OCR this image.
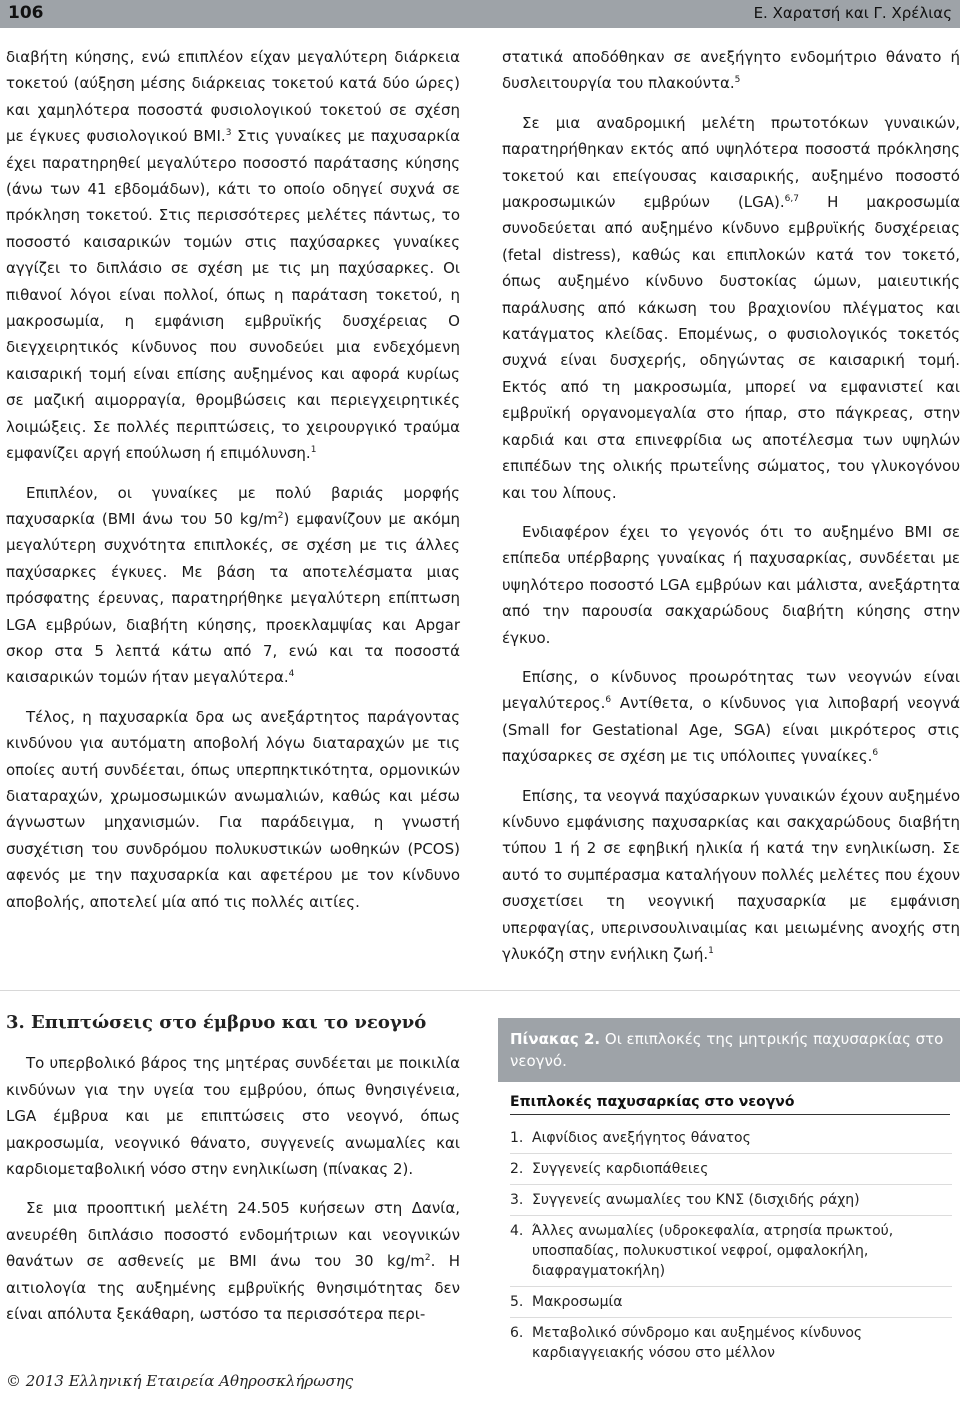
106	Ε. Χαρατσή και Γ. Χρέλιας

διαβήτη κύησης, ενώ επιπλέον είχαν μεγαλύτερη διάρκεια τοκετού (αύξηση μέσης διάρκειας τοκετού κατά δύο ώρες) και χαμηλότερα ποσοστά φυσιολογικού τοκετού σε σχέση με έγκυες φυσιολογικού BMI.$^3$ Στις γυναίκες με παχυσαρκία έχει παρατηρηθεί μεγαλύτερο ποσοστό παράτασης κύησης (άνω των 41 εβδομάδων), κάτι το οποίο οδηγεί συχνά σε πρόκληση τοκετού. Στις περισσότερες μελέτες πάντως, το ποσοστό καισαρικών τομών στις παχύσαρκες γυναίκες αγγίζει το διπλάσιο σε σχέση με τις μη παχύσαρκες. Οι πιθανοί λόγοι είναι πολλοί, όπως η παράταση τοκετού, η μακροσωμία, η εμφάνιση εμβρυϊκής δυσχέρειας Ο διεγχειρητικός κίνδυνος που συνοδεύει μια ενδεχόμενη καισαρική τομή είναι επίσης αυξημένος και αφορά κυρίως σε μαζική αιμορραγία, θρομβώσεις και περιεγχειρητικές λοιμώξεις. Σε πολλές περιπτώσεις, το χειρουργικό τραύμα εμφανίζει αργή επούλωση ή επιμόλυνση.$^1$

Επιπλέον, οι γυναίκες με πολύ βαριάς μορφής παχυσαρκία (BMI άνω του 50 $kg/m^2$) εμφανίζουν με ακόμη μεγαλύτερη συχνότητα επιπλοκές, σε σχέση με τις άλλες παχύσαρκες έγκυες. Με βάση τα αποτελέσματα μιας πρόσφατης έρευνας, παρατηρήθηκε μεγαλύτερη επίπτωση LGA εμβρύων, διαβήτη κύησης, προεκλαμψίας και Apgar σκορ στα 5 λεπτά κάτω από 7, ενώ και τα ποσοστά καισαρικών τομών ήταν μεγαλύτερα.$^4$

Τέλος, η παχυσαρκία δρα ως ανεξάρτητος παράγοντας κινδύνου για αυτόματη αποβολή λόγω διαταραχών με τις οποίες αυτή συνδέεται, όπως υπερπηκτικότητα, ορμονικών διαταραχών, χρωμοσωμικών ανωμαλιών, καθώς και μέσω άγνωστων μηχανισμών. Για παράδειγμα, η γνωστή συσχέτιση του συνδρόμου πολυκυστικών ωοθηκών (PCOS) αφενός με την παχυσαρκία και αφετέρου με τον κίνδυνο αποβολής, αποτελεί μία από τις πολλές αιτίες.

στατικά αποδόθηκαν σε ανεξήγητο ενδομήτριο θάνατο ή δυσλειτουργία του πλακούντα.$^5$

Σε μια αναδρομική μελέτη πρωτοτόκων γυναικών, παρατηρήθηκαν εκτός από υψηλότερα ποσοστά πρόκλησης τοκετού και επείγουσας καισαρικής, αυξημένο ποσοστό μακροσωμικών εμβρύων (LGA).$^{6,7}$ Η μακροσωμία συνοδεύεται από αυξημένο κίνδυνο εμβρυϊκής δυσχέρειας (fetal distress), καθώς και επιπλοκών κατά τον τοκετό, όπως αυξημένο κίνδυνο δυστοκίας ώμων, μαιευτικής παράλυσης από κάκωση του βραχιονίου πλέγματος και κατάγματος κλείδας. Επομένως, ο φυσιολογικός τοκετός συχνά είναι δυσχερής, οδηγώντας σε καισαρική τομή. Εκτός από τη μακροσωμία, μπορεί να εμφανιστεί και εμβρυϊκή οργανομεγαλία στο ήπαρ, στο πάγκρεας, στην καρδιά και στα επινεφρίδια ως αποτέλεσμα των υψηλών επιπέδων της ολικής πρωτεΐνης σώματος, του γλυκογόνου και του λίπους.

Ενδιαφέρον έχει το γεγονός ότι το αυξημένο BMI σε επίπεδα υπέρβαρης γυναίκας ή παχυσαρκίας, συνδέεται με υψηλότερο ποσοστό LGA εμβρύων και μάλιστα, ανεξάρτητα από την παρουσία σακχαρώδους διαβήτη κύησης στην έγκυο.

Επίσης, ο κίνδυνος προωρότητας των νεογνών είναι μεγαλύτερος.$^6$ Αντίθετα, ο κίνδυνος για λιποβαρή νεογνά (Small for Gestational Age, SGA) είναι μικρότερος στις παχύσαρκες σε σχέση με τις υπόλοιπες γυναίκες.$^6$

Επίσης, τα νεογνά παχύσαρκων γυναικών έχουν αυξημένο κίνδυνο εμφάνισης παχυσαρκίας και σακχαρώδους διαβήτη τύπου 1 ή 2 σε εφηβική ηλικία ή κατά την ενηλικίωση. Σε αυτό το συμπέρασμα καταλήγουν πολλές μελέτες που έχουν συσχετίσει τη νεογνική παχυσαρκία με εμφάνιση υπερφαγίας, υπερινσουλιναιμίας και μειωμένης ανοχής στη γλυκόζη στην ενήλικη ζωή.$^1$

3. Επιπτώσεις στο έμβρυο και το νεογνό

Το υπερβολικό βάρος της μητέρας συνδέεται με ποικιλία κινδύνων για την υγεία του εμβρύου, όπως θνησιγένεια, LGA έμβρυα και με επιπτώσεις στο νεογνό, όπως μακροσωμία, νεογνικό θάνατο, συγγενείς ανωμαλίες και καρδιομεταβολική νόσο στην ενηλικίωση (πίνακας 2).

Σε μια προοπτική μελέτη 24.505 κυήσεων στη Δανία, ανευρέθη διπλάσιο ποσοστό ενδομήτριων και νεογνικών θανάτων σε ασθενείς με BMI άνω του 30 $kg/m^2$. Η αιτιολογία της αυξημένης εμβρυϊκής θνησιμότητας δεν είναι απόλυτα ξεκάθαρη, ωστόσο τα περισσότερα περι-

Πίνακας 2. Οι επιπλοκές της μητρικής παχυσαρκίας στο νεογνό.
Επιπλοκές παχυσαρκίας στο νεογνό
1. Αιφνίδιος ανεξήγητος θάνατος
2. Συγγενείς καρδιοπάθειες
3. Συγγενείς ανωμαλίες του ΚΝΣ (δισχιδής ράχη)
4. Άλλες ανωμαλίες (υδροκεφαλία, ατρησία πρωκτού, υποσπαδίας, πολυκυστικοί νεφροί, ομφαλοκήλη, διαφραγματοκήλη)
5. Μακροσωμία
6. Μεταβολικό σύνδρομο και αυξημένος κίνδυνος καρδιαγγειακής νόσου στο μέλλον
© 2013 Ελληνική Εταιρεία Αθηροσκλήρωσης
